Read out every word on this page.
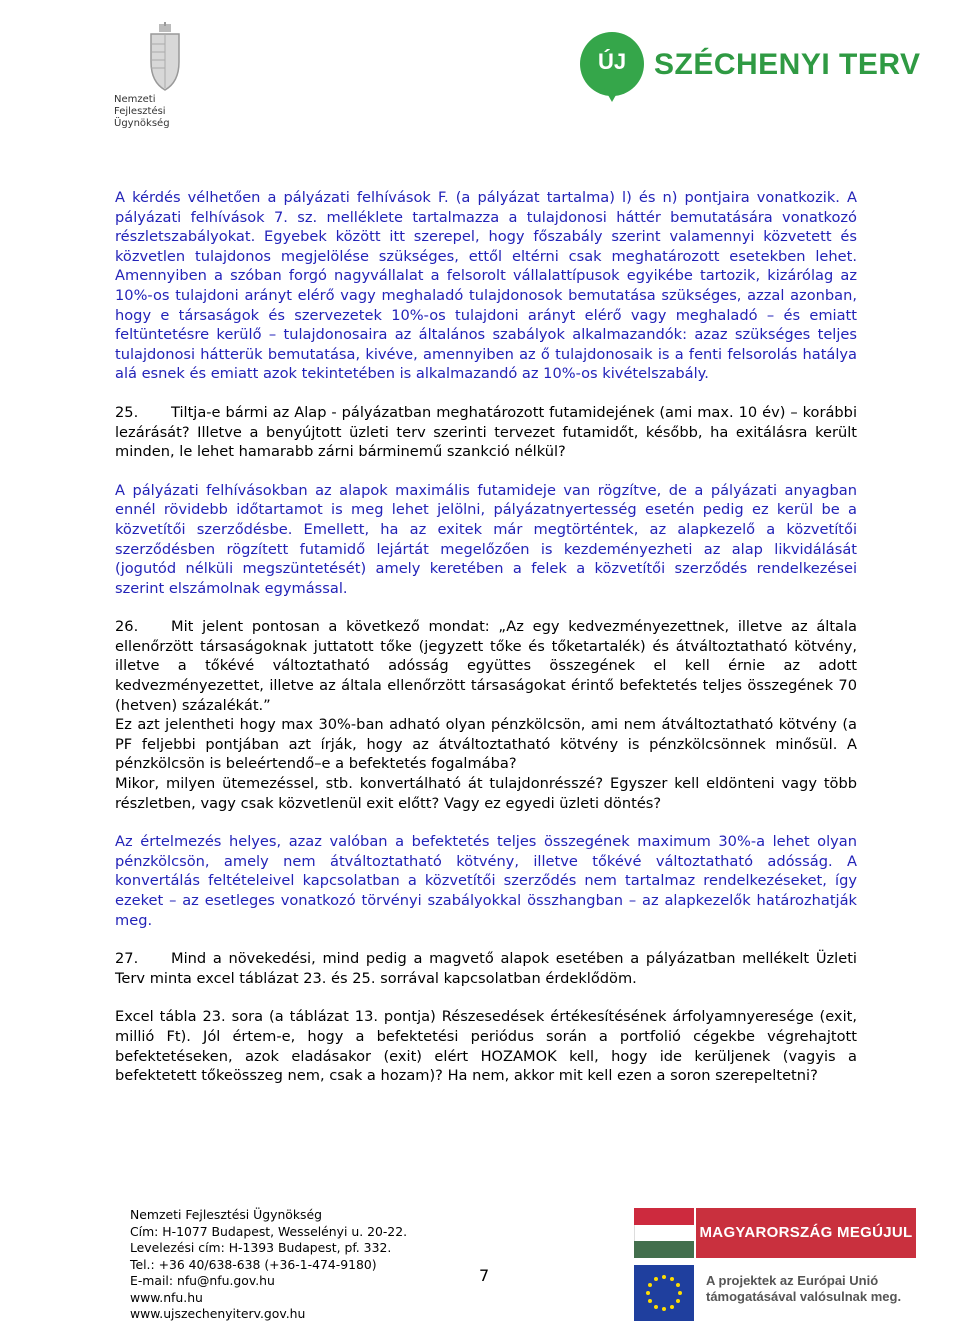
Nemzeti
Fejlesztési Ügynökség
ÚJ SZÉCHENYI TERV

A kérdés vélhetően a pályázati felhívások F. (a pályázat tartalma) l) és n) pontjaira vonatkozik. A pályázati felhívások 7. sz. melléklete tartalmazza a tulajdonosi háttér bemutatására vonatkozó részletszabályokat. Egyebek között itt szerepel, hogy főszabály szerint valamennyi közvetett és közvetlen tulajdonos megjelölése szükséges, ettől eltérni csak meghatározott esetekben lehet. Amennyiben a szóban forgó nagyvállalat a felsorolt vállalattípusok egyikébe tartozik, kizárólag az 10%-os tulajdoni arányt elérő vagy meghaladó tulajdonosok bemutatása szükséges, azzal azonban, hogy e társaságok és szervezetek 10%-os tulajdoni arányt elérő vagy meghaladó – és emiatt feltüntetésre kerülő – tulajdonosaira az általános szabályok alkalmazandók: azaz szükséges teljes tulajdonosi hátterük bemutatása, kivéve, amennyiben az ő tulajdonosaik is a fenti felsorolás hatálya alá esnek és emiatt azok tekintetében is alkalmazandó az 10%-os kivételszabály.

25. Tiltja-e bármi az Alap - pályázatban meghatározott futamidejének (ami max. 10 év) – korábbi lezárását? Illetve a benyújtott üzleti terv szerinti tervezet futamidőt, később, ha exitálásra került minden, le lehet hamarabb zárni bárminemű szankció nélkül?

A pályázati felhívásokban az alapok maximális futamideje van rögzítve, de a pályázati anyagban ennél rövidebb időtartamot is meg lehet jelölni, pályázatnyertesség esetén pedig ez kerül be a közvetítői szerződésbe. Emellett, ha az exitek már megtörténtek, az alapkezelő a közvetítői szerződésben rögzített futamidő lejártát megelőzően is kezdeményezheti az alap likvidálását (jogutód nélküli megszüntetését) amely keretében a felek a közvetítői szerződés rendelkezései szerint elszámolnak egymással.

26. Mit jelent pontosan a következő mondat: „Az egy kedvezményezettnek, illetve az általa ellenőrzött társaságoknak juttatott tőke (jegyzett tőke és tőketartalék) és átváltoztatható kötvény, illetve a tőkévé változtatható adósság együttes összegének el kell érnie az adott kedvezményezettet, illetve az általa ellenőrzött társaságokat érintő befektetés teljes összegének 70 (hetven) százalékát.”

Ez azt jelentheti hogy max 30%-ban adható olyan pénzkölcsön, ami nem átváltoztatható kötvény (a PF feljebbi pontjában azt írják, hogy az átváltoztatható kötvény is pénzkölcsönnek minősül. A pénzkölcsön is beleértendő–e a befektetés fogalmába?

Mikor, milyen ütemezéssel, stb. konvertálható át tulajdonrésszé? Egyszer kell eldönteni vagy több részletben, vagy csak közvetlenül exit előtt? Vagy ez egyedi üzleti döntés?

Az értelmezés helyes, azaz valóban a befektetés teljes összegének maximum 30%-a lehet olyan pénzkölcsön, amely nem átváltoztatható kötvény, illetve tőkévé változtatható adósság. A konvertálás feltételeivel kapcsolatban a közvetítői szerződés nem tartalmaz rendelkezéseket, így ezeket – az esetleges vonatkozó törvényi szabályokkal összhangban – az alapkezelők határozhatják meg.

27. Mind a növekedési, mind pedig a magvető alapok esetében a pályázatban mellékelt Üzleti Terv minta excel táblázat 23. és 25. sorrával kapcsolatban érdeklődöm.

Excel tábla 23. sora (a táblázat 13. pontja) Részesedések értékesítésének árfolyamnyeresége (exit, millió Ft). Jól értem-e, hogy a befektetési periódus során a portfolió cégekbe végrehajtott befektetéseken, azok eladásakor (exit) elért HOZAMOK kell, hogy ide kerüljenek (vagyis a befektetett tőkeösszeg nem, csak a hozam)? Ha nem, akkor mit kell ezen a soron szerepeltetni?

Nemzeti Fejlesztési Ügynökség
Cím: H-1077 Budapest, Wesselényi u. 20-22.
Levelezési cím: H-1393 Budapest, pf. 332.
Tel.: +36 40/638-638 (+36-1-474-9180)
E-mail: nfu@nfu.gov.hu
www.nfu.hu
www.ujszechenyiterv.gov.hu
7
MAGYARORSZÁG MEGÚJUL
A projektek az Európai Unió
támogatásával valósulnak meg.
